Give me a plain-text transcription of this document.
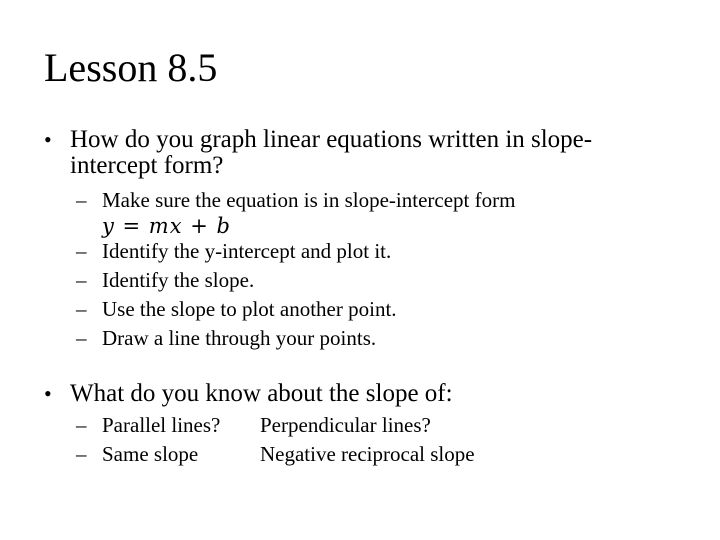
Lesson 8.5
• How do you graph linear equations written in slope-
intercept form?
– Make sure the equation is in slope-intercept form
y = mx + b
– Identify the y-intercept and plot it.
– Identify the slope.
– Use the slope to plot another point.
– Draw a line through your points.
• What do you know about the slope of:
– Parallel lines? Perpendicular lines?
– Same slope	Negative reciprocal slope
